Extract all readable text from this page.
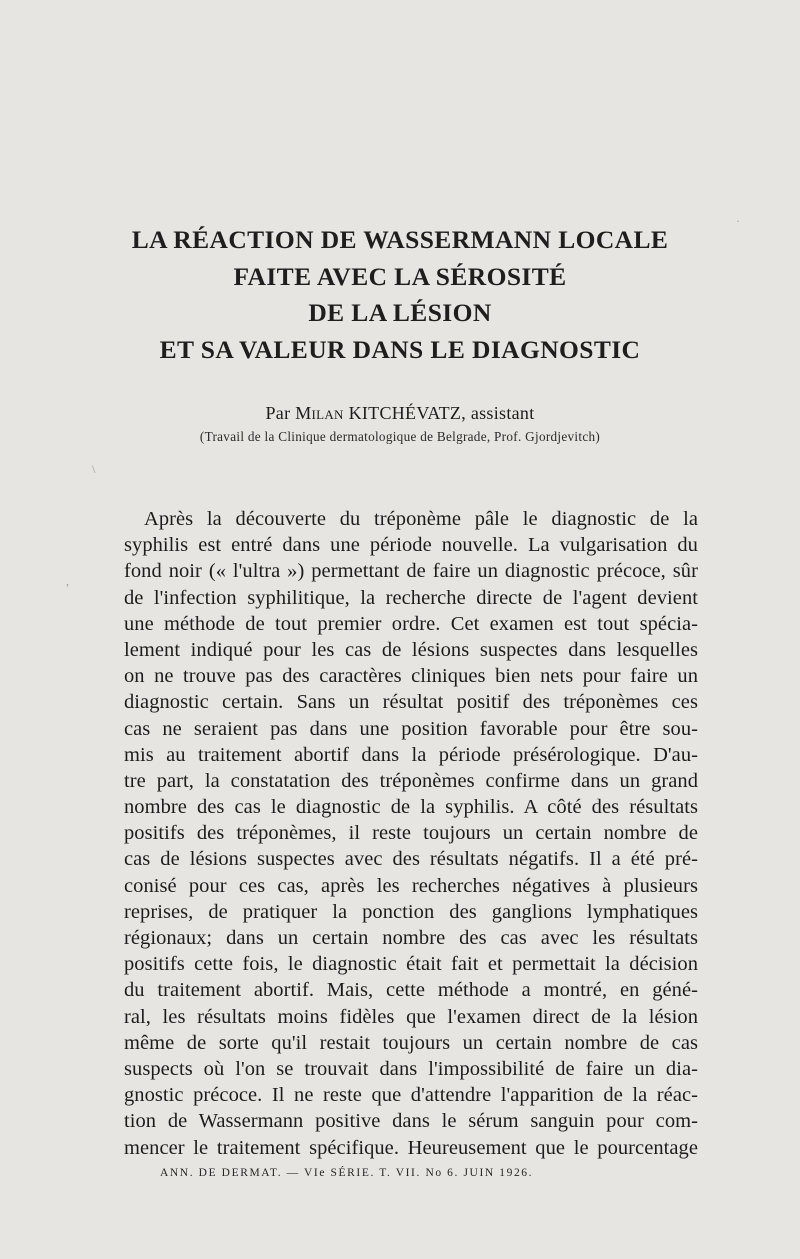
·
\
,
LA RÉACTION DE WASSERMANN LOCALE
FAITE AVEC LA SÉROSITÉ
DE LA LÉSION
ET SA VALEUR DANS LE DIAGNOSTIC
Par Milan KITCHÉVATZ, assistant
(Travail de la Clinique dermatologique de Belgrade, Prof. Gjordjevitch)
Après la découverte du tréponème pâle le diagnostic de la
syphilis est entré dans une période nouvelle. La vulgarisation du
fond noir (« l'ultra ») permettant de faire un diagnostic précoce, sûr
de l'infection syphilitique, la recherche directe de l'agent devient
une méthode de tout premier ordre. Cet examen est tout spécia-
lement indiqué pour les cas de lésions suspectes dans lesquelles
on ne trouve pas des caractères cliniques bien nets pour faire un
diagnostic certain. Sans un résultat positif des tréponèmes ces
cas ne seraient pas dans une position favorable pour être sou-
mis au traitement abortif dans la période présérologique. D'au-
tre part, la constatation des tréponèmes confirme dans un grand
nombre des cas le diagnostic de la syphilis. A côté des résultats
positifs des tréponèmes, il reste toujours un certain nombre de
cas de lésions suspectes avec des résultats négatifs. Il a été pré-
conisé pour ces cas, après les recherches négatives à plusieurs
reprises, de pratiquer la ponction des ganglions lymphatiques
régionaux; dans un certain nombre des cas avec les résultats
positifs cette fois, le diagnostic était fait et permettait la décision
du traitement abortif. Mais, cette méthode a montré, en géné-
ral, les résultats moins fidèles que l'examen direct de la lésion
même de sorte qu'il restait toujours un certain nombre de cas
suspects où l'on se trouvait dans l'impossibilité de faire un dia-
gnostic précoce. Il ne reste que d'attendre l'apparition de la réac-
tion de Wassermann positive dans le sérum sanguin pour com-
mencer le traitement spécifique. Heureusement que le pourcentage
ANN. DE DERMAT. — VIe SÉRIE. T. VII. No 6. JUIN 1926.
